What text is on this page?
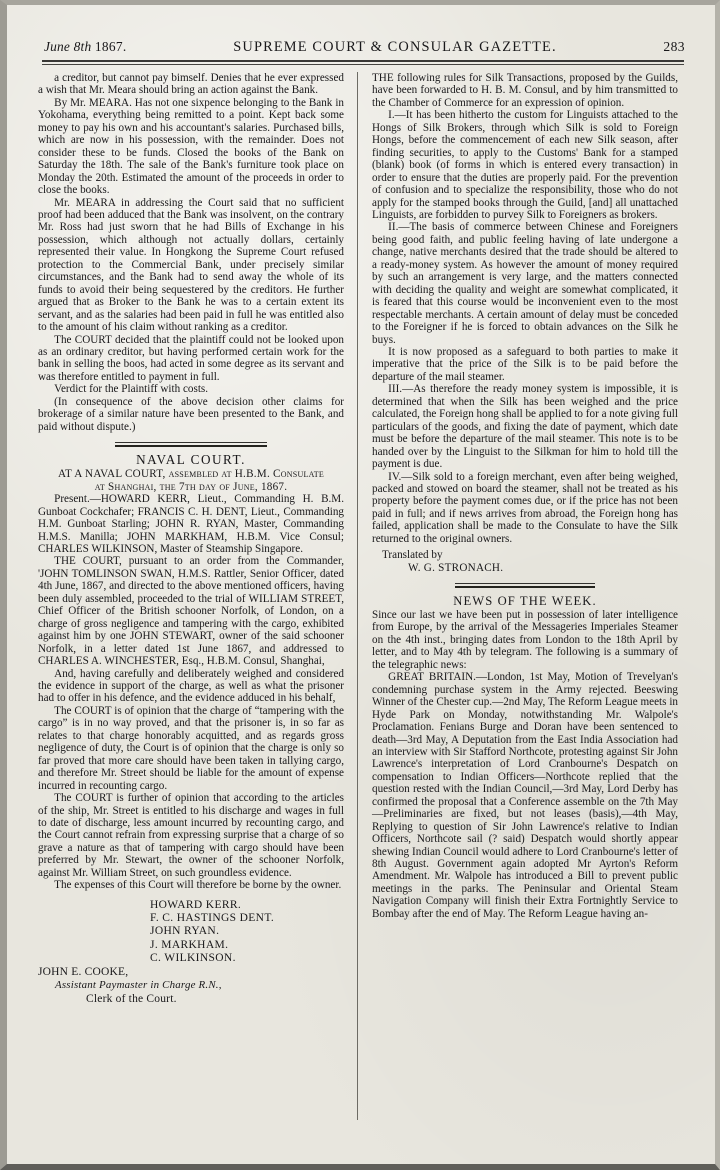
June 8th 1867.	SUPREME COURT & CONSULAR GAZETTE.	283

a creditor, but cannot pay bimself. Denies that he ever expressed a wish that Mr. Meara should bring an action against the Bank.

By Mr. MEARA. Has not one sixpence belonging to the Bank in Yokohama, everything being remitted to a point. Kept back some money to pay his own and his accountant's salaries. Purchased bills, which are now in his possession, with the remainder. Does not consider these to be funds. Closed the books of the Bank on Saturday the 18th. The sale of the Bank's furniture took place on Monday the 20th. Estimated the amount of the proceeds in order to close the books.

Mr. MEARA in addressing the Court said that no sufficient proof had been adduced that the Bank was insolvent, on the contrary Mr. Ross had just sworn that he had Bills of Exchange in his possession, which although not actually dollars, certainly represented their value. In Hongkong the Supreme Court refused protection to the Commercial Bank, under precisely similar circumstances, and the Bank had to send away the whole of its funds to avoid their being sequestered by the creditors. He further argued that as Broker to the Bank he was to a certain extent its servant, and as the salaries had been paid in full he was entitled also to the amount of his claim without ranking as a creditor.

The COURT decided that the plaintiff could not be looked upon as an ordinary creditor, but having performed certain work for the bank in selling the boos, had acted in some degree as its servant and was therefore entitled to payment in full.

Verdict for the Plaintiff with costs.

(In consequence of the above decision other claims for brokerage of a similar nature have been presented to the Bank, and paid without dispute.)

NAVAL COURT.
AT A NAVAL COURT, assembled at H.B.M. Consulate
at Shanghai, the 7th day of June, 1867.

Present.—HOWARD KERR, Lieut., Commanding H. B.M. Gunboat Cockchafer; FRANCIS C. H. DENT, Lieut., Commanding H.M. Gunboat Starling; JOHN R. RYAN, Master, Commanding H.M.S. Manilla; JOHN MARKHAM, H.B.M. Vice Consul; CHARLES WILKINSON, Master of Steamship Singapore.

THE COURT, pursuant to an order from the Commander, 'JOHN TOMLINSON SWAN, H.M.S. Rattler, Senior Officer, dated 4th June, 1867, and directed to the above mentioned officers, having been duly assembled, proceeded to the trial of WILLIAM STREET, Chief Officer of the British schooner Norfolk, of London, on a charge of gross negligence and tampering with the cargo, exhibited against him by one JOHN STEWART, owner of the said schooner Norfolk, in a letter dated 1st June 1867, and addressed to CHARLES A. WINCHESTER, Esq., H.B.M. Consul, Shanghai,

And, having carefully and deliberately weighed and considered the evidence in support of the charge, as well as what the prisoner had to offer in his defence, and the evidence adduced in his behalf,

The COURT is of opinion that the charge of “tampering with the cargo” is in no way proved, and that the prisoner is, in so far as relates to that charge honorably acquitted, and as regards gross negligence of duty, the Court is of opinion that the charge is only so far proved that more care should have been taken in tallying cargo, and therefore Mr. Street should be liable for the amount of expense incurred in recounting cargo.

The COURT is further of opinion that according to the articles of the ship, Mr. Street is entitled to his discharge and wages in full to date of discharge, less amount incurred by recounting cargo, and the Court cannot refrain from expressing surprise that a charge of so grave a nature as that of tampering with cargo should have been preferred by Mr. Stewart, the owner of the schooner Norfolk, against Mr. William Street, on such groundless evidence.

The expenses of this Court will therefore be borne by the owner.

HOWARD KERR.
F. C. HASTINGS DENT.
JOHN RYAN.
J. MARKHAM.
C. WILKINSON.
JOHN E. COOKE,
Assistant Paymaster in Charge R.N.,
Clerk of the Court.

THE following rules for Silk Transactions, proposed by the Guilds, have been forwarded to H. B. M. Consul, and by him transmitted to the Chamber of Commerce for an expression of opinion.

I.—It has been hitherto the custom for Linguists attached to the Hongs of Silk Brokers, through which Silk is sold to Foreign Hongs, before the commencement of each new Silk season, after finding securities, to apply to the Customs' Bank for a stamped (blank) book (of forms in which is entered every transaction) in order to ensure that the duties are properly paid. For the prevention of confusion and to specialize the responsibility, those who do not apply for the stamped books through the Guild, [and] all unattached Linguists, are forbidden to purvey Silk to Foreigners as brokers.

II.—The basis of commerce between Chinese and Foreigners being good faith, and public feeling having of late undergone a change, native merchants desired that the trade should be altered to a ready-money system. As however the amount of money required by such an arrangement is very large, and the matters connected with deciding the quality and weight are somewhat complicated, it is feared that this course would be inconvenient even to the most respectable merchants. A certain amount of delay must be conceded to the Foreigner if he is forced to obtain advances on the Silk he buys.

It is now proposed as a safeguard to both parties to make it imperative that the price of the Silk is to be paid before the departure of the mail steamer.

III.—As therefore the ready money system is impossible, it is determined that when the Silk has been weighed and the price calculated, the Foreign hong shall be applied to for a note giving full particulars of the goods, and fixing the date of payment, which date must be before the departure of the mail steamer. This note is to be handed over by the Linguist to the Silkman for him to hold till the payment is due.

IV.—Silk sold to a foreign merchant, even after being weighed, packed and stowed on board the steamer, shall not be treated as his property before the payment comes due, or if the price has not been paid in full; and if news arrives from abroad, the Foreign hong has failed, application shall be made to the Consulate to have the Silk returned to the original owners.

Translated by
W. G. STRONACH.

NEWS OF THE WEEK.

Since our last we have been put in possession of later intelligence from Europe, by the arrival of the Messageries Imperiales Steamer on the 4th inst., bringing dates from London to the 18th April by letter, and to May 4th by telegram. The following is a summary of the telegraphic news:

GREAT BRITAIN.—London, 1st May, Motion of Trevelyan's condemning purchase system in the Army rejected. Beeswing Winner of the Chester cup.—2nd May, The Reform League meets in Hyde Park on Monday, notwithstanding Mr. Walpole's Proclamation. Fenians Burge and Doran have been sentenced to death—3rd May, A Deputation from the East India Association had an interview with Sir Stafford Northcote, protesting against Sir John Lawrence's interpretation of Lord Cranbourne's Despatch on compensation to Indian Officers—Northcote replied that the question rested with the Indian Council,—3rd May, Lord Derby has confirmed the proposal that a Conference assemble on the 7th May—Preliminaries are fixed, but not leases (basis),—4th May, Replying to question of Sir John Lawrence's relative to Indian Officers, Northcote sail (? said) Despatch would shortly appear shewing Indian Council would adhere to Lord Cranbourne's letter of 8th August. Government again adopted Mr Ayrton's Reform Amendment. Mr. Walpole has introduced a Bill to prevent public meetings in the parks. The Peninsular and Oriental Steam Navigation Company will finish their Extra Fortnightly Service to Bombay after the end of May. The Reform League having an-
